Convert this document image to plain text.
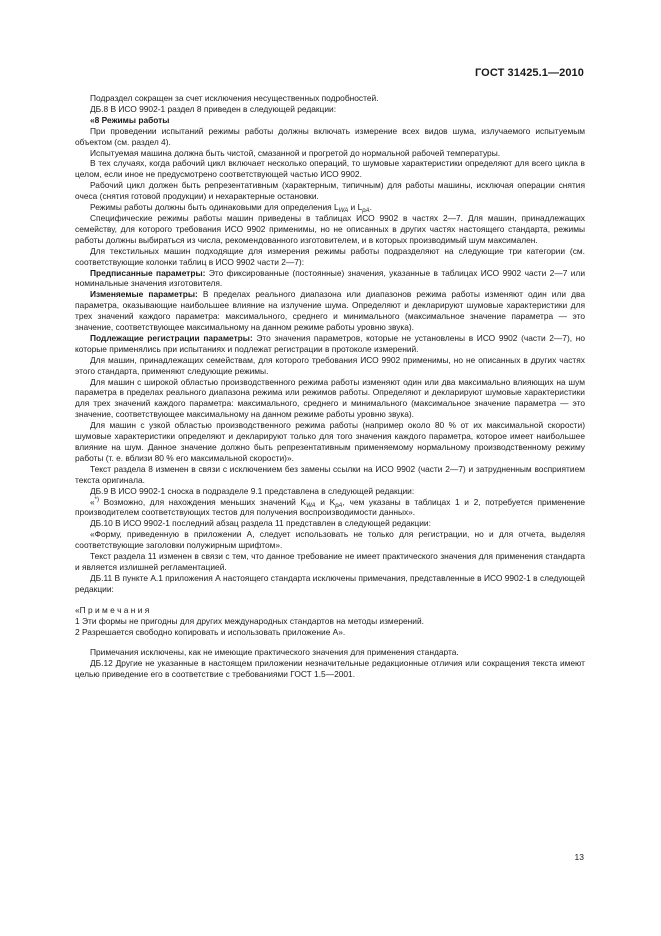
ГОСТ 31425.1—2010

Подраздел сокращен за счет исключения несущественных подробностей.

ДБ.8 В ИСО 9902-1 раздел 8 приведен в следующей редакции:

«8 Режимы работы

При проведении испытаний режимы работы должны включать измерение всех видов шума, излучаемого испытуемым объектом (см. раздел 4).

Испытуемая машина должна быть чистой, смазанной и прогретой до нормальной рабочей температуры.

В тех случаях, когда рабочий цикл включает несколько операций, то шумовые характеристики определяют для всего цикла в целом, если иное не предусмотрено соответствующей частью ИСО 9902.

Рабочий цикл должен быть репрезентативным (характерным, типичным) для работы машины, исключая операции снятия очеса (снятия готовой продукции) и нехарактерные остановки.

Режимы работы должны быть одинаковыми для определения $L_{WA}$ и $L_{pA}$.

Специфические режимы работы машин приведены в таблицах ИСО 9902 в частях 2—7. Для машин, принадлежащих семейству, для которого требования ИСО 9902 применимы, но не описанных в других частях настоящего стандарта, режимы работы должны выбираться из числа, рекомендованного изготовителем, и в которых производимый шум максимален.

Для текстильных машин подходящие для измерения режимы работы подразделяют на следующие три категории (см. соответствующие колонки таблиц в ИСО 9902 части 2—7):

Предписанные параметры: Это фиксированные (постоянные) значения, указанные в таблицах ИСО 9902 части 2—7 или номинальные значения изготовителя.

Изменяемые параметры: В пределах реального диапазона или диапазонов режима работы изменяют один или два параметра, оказывающие наибольшее влияние на излучение шума. Определяют и декларируют шумовые характеристики для трех значений каждого параметра: максимального, среднего и минимального (максимальное значение параметра — это значение, соответствующее максимальному на данном режиме работы уровню звука).

Подлежащие регистрации параметры: Это значения параметров, которые не установлены в ИСО 9902 (части 2—7), но которые применялись при испытаниях и подлежат регистрации в протоколе измерений.

Для машин, принадлежащих семействам, для которого требования ИСО 9902 применимы, но не описанных в других частях этого стандарта, применяют следующие режимы.

Для машин с широкой областью производственного режима работы изменяют один или два максимально влияющих на шум параметра в пределах реального диапазона режима или режимов работы. Определяют и декларируют шумовые характеристики для трех значений каждого параметра: максимального, среднего и минимального (максимальное значение параметра — это значение, соответствующее максимальному на данном режиме работы уровню звука).

Для машин с узкой областью производственного режима работы (например около 80 % от их максимальной скорости) шумовые характеристики определяют и декларируют только для того значения каждого параметра, которое имеет наибольшее влияние на шум. Данное значение должно быть репрезентативным применяемому нормальному производственному режиму работы (т. е. вблизи 80 % его максимальной скорости)».

Текст раздела 8 изменен в связи с исключением без замены ссылки на ИСО 9902 (части 2—7) и затрудненным восприятием текста оригинала.

ДБ.9 В ИСО 9902-1 сноска в подразделе 9.1 представлена в следующей редакции:

«*) Возможно, для нахождения меньших значений $K_{WA}$ и $K_{pA}$, чем указаны в таблицах 1 и 2, потребуется применение производителем соответствующих тестов для получения воспроизводимости данных».

ДБ.10 В ИСО 9902-1 последний абзац раздела 11 представлен в следующей редакции:

«Форму, приведенную в приложении А, следует использовать не только для регистрации, но и для отчета, выделяя соответствующие заголовки полужирным шрифтом».

Текст раздела 11 изменен в связи с тем, что данное требование не имеет практического значения для применения стандарта и является излишней регламентацией.

ДБ.11 В пункте А.1 приложения А настоящего стандарта исключены примечания, представленные в ИСО 9902-1 в следующей редакции:

«П р и м е ч а н и я

1 Эти формы не пригодны для других международных стандартов на методы измерений.

2 Разрешается свободно копировать и использовать приложение А».

Примечания исключены, как не имеющие практического значения для применения стандарта.

ДБ.12 Другие не указанные в настоящем приложении незначительные редакционные отличия или сокращения текста имеют целью приведение его в соответствие с требованиями ГОСТ 1.5—2001.

13
